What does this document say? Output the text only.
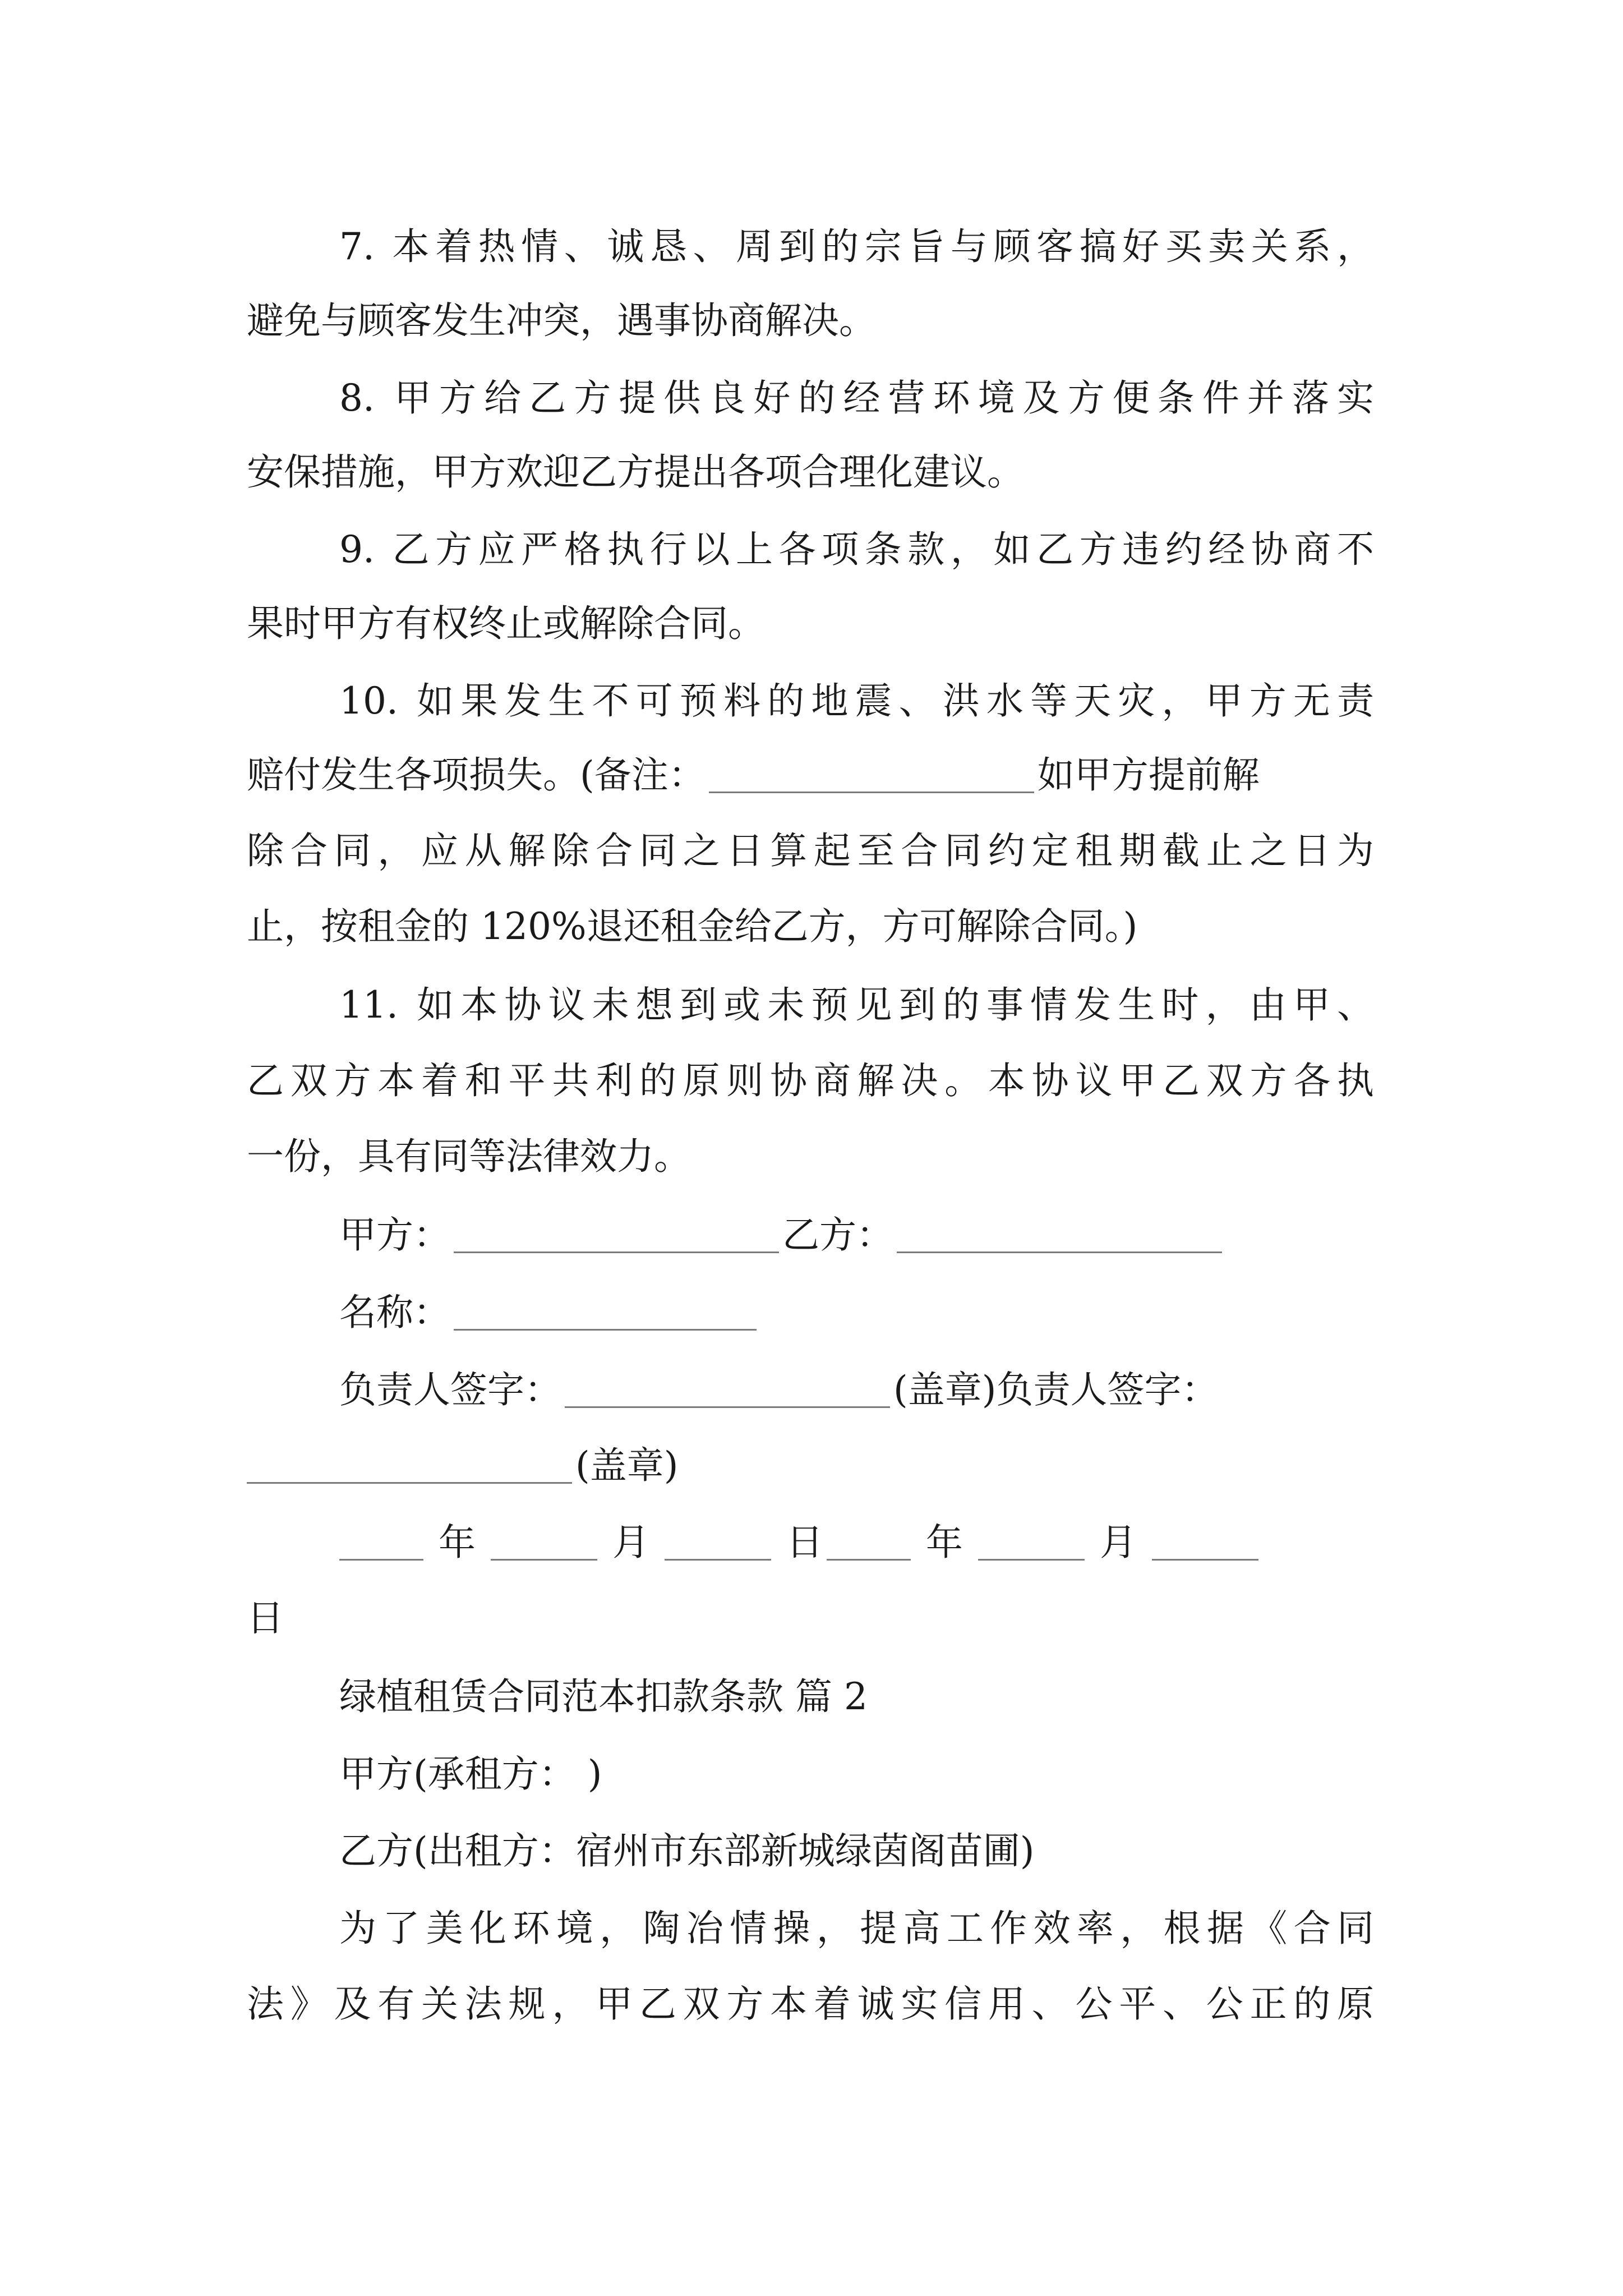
7. 本着热情、诚恳、周到的宗旨与顾客搞好买卖关系，
避免与顾客发生冲突，遇事协商解决。
8. 甲方给乙方提供良好的经营环境及方便条件并落实
安保措施，甲方欢迎乙方提出各项合理化建议。
9. 乙方应严格执行以上各项条款，如乙方违约经协商不
果时甲方有权终止或解除合同。
10. 如果发生不可预料的地震、洪水等天灾，甲方无责
赔付发生各项损失。(备注：	如甲方提前解
除合同，应从解除合同之日算起至合同约定租期截止之日为
止，按租金的 120%退还租金给乙方，方可解除合同。)
11. 如本协议未想到或未预见到的事情发生时，由甲、
乙双方本着和平共利的原则协商解决。本协议甲乙双方各执
一份，具有同等法律效力。
甲方：	乙方：
名称：
负责人签字：	(盖章)负责人签字：
(盖章)
年	月	日	年	月
日
绿植租赁合同范本扣款条款 篇 2
甲方(承租方： )
乙方(出租方：宿州市东部新城绿茵阁苗圃)
为了美化环境，陶冶情操，提高工作效率，根据《合同
法》及有关法规，甲乙双方本着诚实信用、公平、公正的原
